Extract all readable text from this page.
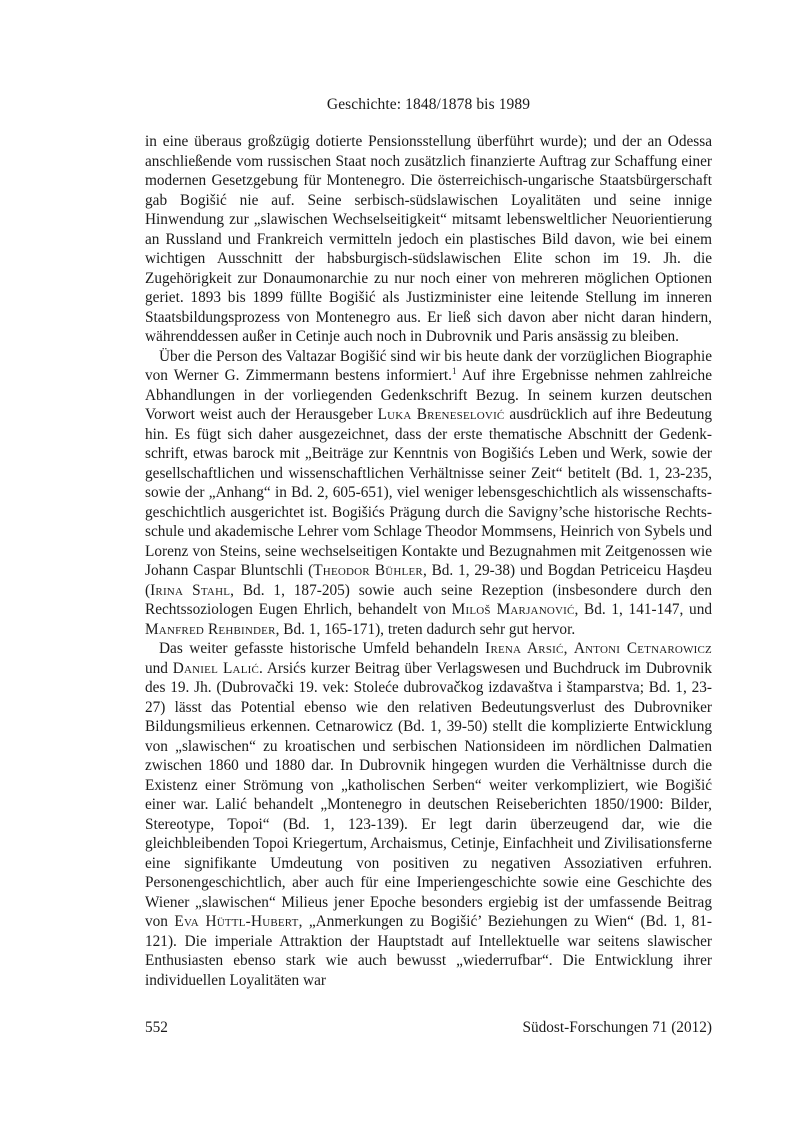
Geschichte: 1848/1878 bis 1989

in eine überaus großzügig dotierte Pensionsstellung überführt wurde); und der an Odessa anschließende vom russischen Staat noch zusätzlich finanzierte Auftrag zur Schaffung einer modernen Gesetzgebung für Montenegro. Die österreichisch-ungarische Staatsbürgerschaft gab Bogišić nie auf. Seine serbisch-südslawischen Loyalitäten und seine innige Hinwendung zur „slawischen Wechselseitigkeit“ mitsamt lebensweltlicher Neuorientierung an Russland und Frankreich vermitteln jedoch ein plastisches Bild davon, wie bei einem wichtigen Ausschnitt der habsburgisch-südslawischen Elite schon im 19. Jh. die Zugehörigkeit zur Donaumonarchie zu nur noch einer von mehreren möglichen Optionen geriet. 1893 bis 1899 füllte Bogišić als Justizminister eine leitende Stellung im inneren Staatsbildungsprozess von Montenegro aus. Er ließ sich davon aber nicht daran hindern, währenddessen außer in Cetinje auch noch in Dubrovnik und Paris ansässig zu bleiben.

Über die Person des Valtazar Bogišić sind wir bis heute dank der vorzüglichen Biographie von Werner G. Zimmermann bestens informiert.$^1$ Auf ihre Ergebnisse nehmen zahlreiche Abhandlungen in der vorliegenden Gedenkschrift Bezug. In seinem kurzen deutschen Vorwort weist auch der Herausgeber Luka Breneselović ausdrücklich auf ihre Bedeutung hin. Es fügt sich daher ausgezeichnet, dass der erste thematische Abschnitt der Gedenkschrift, etwas barock mit „Beiträge zur Kenntnis von Bogišićs Leben und Werk, sowie der gesellschaftlichen und wissenschaftlichen Verhältnisse seiner Zeit“ betitelt (Bd. 1, 23-235, sowie der „Anhang“ in Bd. 2, 605-651), viel weniger lebensgeschichtlich als wissenschaftsgeschichtlich ausgerichtet ist. Bogišićs Prägung durch die Savigny’sche historische Rechtsschule und akademische Lehrer vom Schlage Theodor Mommsens, Heinrich von Sybels und Lorenz von Steins, seine wechselseitigen Kontakte und Bezugnahmen mit Zeitgenossen wie Johann Caspar Bluntschli (Theodor Bühler, Bd. 1, 29-38) und Bogdan Petriceicu Haşdeu (Irina Stahl, Bd. 1, 187-205) sowie auch seine Rezeption (insbesondere durch den Rechtssoziologen Eugen Ehrlich, behandelt von Miloš Marjanović, Bd. 1, 141-147, und Manfred Rehbinder, Bd. 1, 165-171), treten dadurch sehr gut hervor.

Das weiter gefasste historische Umfeld behandeln Irena Arsić, Antoni Cetnarowicz und Daniel Lalić. Arsićs kurzer Beitrag über Verlagswesen und Buchdruck im Dubrovnik des 19. Jh. (Dubrovački 19. vek: Stoleće dubrovačkog izdavaštva i štamparstva; Bd. 1, 23-27) lässt das Potential ebenso wie den relativen Bedeutungsverlust des Dubrovniker Bildungsmilieus erkennen. Cetnarowicz (Bd. 1, 39-50) stellt die komplizierte Entwicklung von „slawischen“ zu kroatischen und serbischen Nationsideen im nördlichen Dalmatien zwischen 1860 und 1880 dar. In Dubrovnik hingegen wurden die Verhältnisse durch die Existenz einer Strömung von „katholischen Serben“ weiter verkompliziert, wie Bogišić einer war. Lalić behandelt „Montenegro in deutschen Reiseberichten 1850/1900: Bilder, Stereotype, Topoi“ (Bd. 1, 123-139). Er legt darin überzeugend dar, wie die gleichbleibenden Topoi Kriegertum, Archaismus, Cetinje, Einfachheit und Zivilisationsferne eine signifikante Umdeutung von positiven zu negativen Assoziativen erfuhren. Personengeschichtlich, aber auch für eine Imperiengeschichte sowie eine Geschichte des Wiener „slawischen“ Milieus jener Epoche besonders ergiebig ist der umfassende Beitrag von Eva Hüttl-Hubert, „Anmerkungen zu Bogišić’ Beziehungen zu Wien“ (Bd. 1, 81-121). Die imperiale Attraktion der Hauptstadt auf Intellektuelle war seitens slawischer Enthusiasten ebenso stark wie auch bewusst „wiederrufbar“. Die Entwicklung ihrer individuellen Loyalitäten war

552	Südost-Forschungen 71 (2012)
